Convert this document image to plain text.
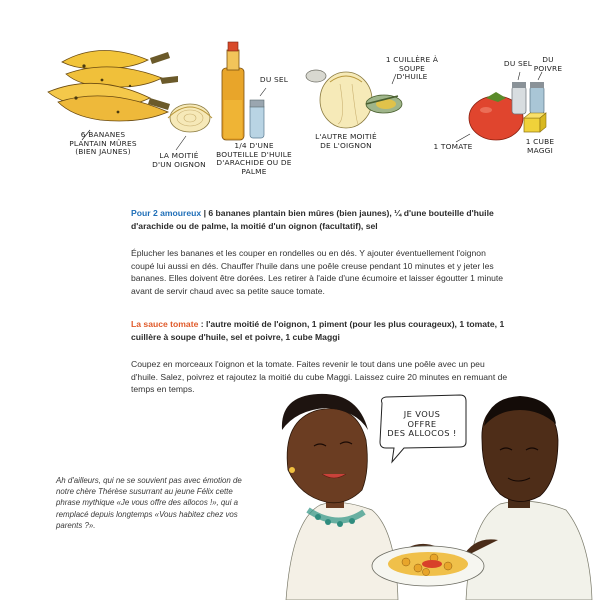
6 BANANES
PLANTAIN MÛRES
(BIEN JAUNES)	LA MOITIÉ
D'UN OIGNON
1/4 D'UNE
BOUTEILLE D'HUILE
D'ARACHIDE OU DE
PALME
DU SEL
1 CUILLÈRE À SOUPE
D'HUILE
L'AUTRE MOITIÉ
DE L'OIGNON
DU SEL	DU
POIVRE
1 TOMATE
1 CUBE
MAGGI
Pour 2 amoureux | 6 bananes plantain bien mûres (bien jaunes), ¼ d'une bouteille d'huile d'arachide ou de palme, la moitié d'un oignon (facultatif), sel
Éplucher les bananes et les couper en rondelles ou en dés. Y ajouter éventuellement l'oignon coupé lui aussi en dés. Chauffer l'huile dans une poêle creuse pendant 10 minutes et y jeter les bananes. Elles doivent être dorées. Les retirer à l'aide d'une écumoire et laisser égoutter 1 minute avant de servir chaud avec sa petite sauce tomate.
La sauce tomate : l'autre moitié de l'oignon, 1 piment (pour les plus courageux), 1 tomate, 1 cuillère à soupe d'huile, sel et poivre, 1 cube Maggi
Coupez en morceaux l'oignon et la tomate. Faites revenir le tout dans une poêle avec un peu d'huile. Salez, poivrez et rajoutez la moitié du cube Maggi. Laissez cuire 20 minutes en remuant de temps en temps.
Ah d'ailleurs, qui ne se souvient pas avec émotion de notre chère Thérèse susurrant au jeune Félix cette phrase mythique «Je vous offre des allocos !», qui a remplacé depuis longtemps «Vous habitez chez vos parents ?».
JE VOUS
OFFRE
DES ALLOCOS !
